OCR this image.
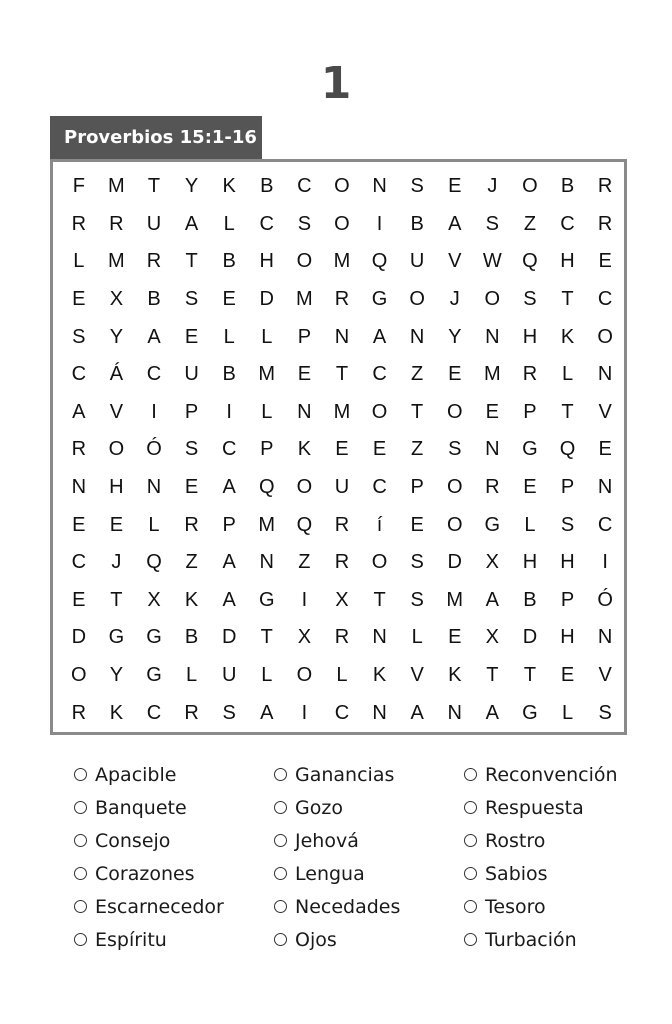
1
Proverbios 15:1-16
F	M	T	Y	K	B	C	O	N	S	E	J	O	B	R
R	R	U	A	L	C	S	O	I	B	A	S	Z	C	R
L	M	R	T	B	H	O	M	Q	U	V	W	Q	H	E
E	X	B	S	E	D	M	R	G	O	J	O	S	T	C
S	Y	A	E	L	L	P	N	A	N	Y	N	H	K	O
C	Á	C	U	B	M	E	T	C	Z	E	M	R	L	N
A	V	I	P	I	L	N	M	O	T	O	E	P	T	V
R	O	Ó	S	C	P	K	E	E	Z	S	N	G	Q	E
N	H	N	E	A	Q	O	U	C	P	O	R	E	P	N
E	E	L	R	P	M	Q	R	í	E	O	G	L	S	C
C	J	Q	Z	A	N	Z	R	O	S	D	X	H	H	I
E	T	X	K	A	G	I	X	T	S	M	A	B	P	Ó
D	G	G	B	D	T	X	R	N	L	E	X	D	H	N
O	Y	G	L	U	L	O	L	K	V	K	T	T	E	V
R	K	C	R	S	A	I	C	N	A	N	A	G	L	S
Apacible
Banquete
Consejo
Corazones
Escarnecedor
Espíritu
Ganancias
Gozo
Jehová
Lengua
Necedades
Ojos
Reconvención
Respuesta
Rostro
Sabios
Tesoro
Turbación
